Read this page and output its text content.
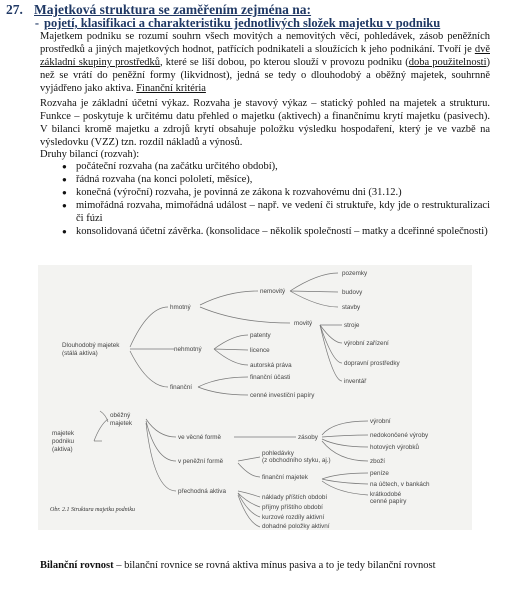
27. Majetková struktura se zaměřením zejména na:
- pojetí, klasifikaci a charakteristiku jednotlivých složek majetku v podniku
Majetkem podniku se rozumí souhrn všech movitých a nemovitých věcí, pohledávek, zásob peněžních prostředků a jiných majetkových hodnot, patřících podnikateli a sloužících k jeho podnikání. Tvoří je dvě základní skupiny prostředků, které se liší dobou, po kterou slouží v provozu podniku (doba použitelnosti) než se vrátí do peněžní formy (likvidnost), jedná se tedy o dlouhodobý a oběžný majetek, souhrnně vyjádřeno jako aktiva. Finanční kritéria
Rozvaha je základní účetní výkaz. Rozvaha je stavový výkaz – statický pohled na majetek a strukturu. Funkce – poskytuje k určitému datu přehled o majetku (aktivech) a finančnímu krytí majetku (pasivech). V bilanci kromě majetku a zdrojů krytí obsahuje položku výsledku hospodaření, který je ve vazbě na výsledovku (VZZ) tzn. rozdíl nákladů a výnosů.
Druhy bilancí (rozvah):
● počáteční rozvaha (na začátku určitého období),
● řádná rozvaha (na konci pololetí, měsíce),
● konečná (výroční) rozvaha, je povinná ze zákona k rozvahovému dni (31.12.)
● mimořádná rozvaha, mimořádná událost – např. ve vedení či struktuře, kdy jde o restrukturalizaci či fúzi
● konsolidovaná účetní závěrka. (konsolidace – několik společností – matky a dceřinné společnosti)
Dlouhodobý majetek (stálá aktiva)
majetek podniku (aktiva)
oběžný majetek
hmotný
nehmotný
finanční
nemovitý
movitý
pozemky
budovy
stavby
stroje
výrobní zařízení
dopravní prostředky
inventář
patenty
licence
autorská práva
finanční účasti
cenné investiční papíry
ve věcné formě
v peněžní formě
přechodná aktiva
zásoby
výrobní
nedokončené výroby
hotových výrobků
zboží
pohledávky (z obchodního styku, aj.)
finanční majetek
peníze
na účtech, v bankách
krátkodobé cenné papíry
náklady příštích období
příjmy příštího období
kurzové rozdíly aktivní
dohadné položky aktivní
Obr. 2.1 Struktura majetku podniku
Bilanční rovnost – bilanční rovnice se rovná aktiva mínus pasiva a to je tedy bilanční rovnost
